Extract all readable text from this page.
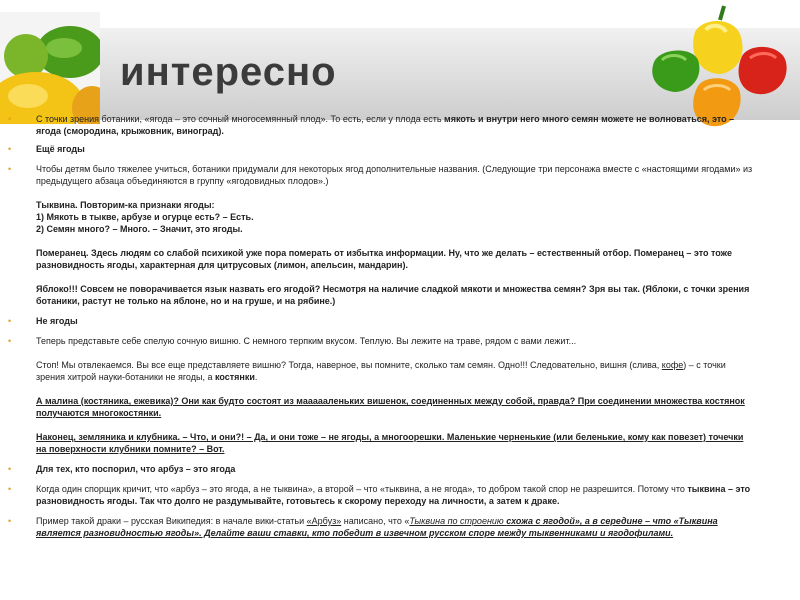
интересно
•	С точки зрения ботаники, «ягода – это сочный многосемянный плод». То есть, если у плода есть мякоть и внутри него много семян можете не волноваться, это – ягода (смородина, крыжовник, виноград).

•	Ещё ягоды

•	Чтобы детям было тяжелее учиться, ботаники придумали для некоторых ягод дополнительные названия. (Следующие три персонажа вместе с «настоящими ягодами» из предыдущего абзаца объединяются в группу «ягодовидных плодов».)

Тыквина. Повторим-ка признаки ягоды:

1) Мякоть в тыкве, арбузе и огурце есть? – Есть.

2) Семян много? – Много. – Значит, это ягоды.

Померанец. Здесь людям со слабой психикой уже пора померать от избытка информации. Ну, что же делать – естественный отбор. Померанец – это тоже разновидность ягоды, характерная для цитрусовых (лимон, апельсин, мандарин).

Яблоко!!! Совсем не поворачивается язык назвать его ягодой? Несмотря на наличие сладкой мякоти и множества семян? Зря вы так. (Яблоки, с точки зрения ботаники, растут не только на яблоне, но и на груше, и на рябине.)

•	Не ягоды

•	Теперь представьте себе спелую сочную вишню. С немного терпким вкусом. Теплую. Вы лежите на траве, рядом с вами лежит...

Стоп! Мы отвлекаемся. Вы все еще представляете вишню? Тогда, наверное, вы помните, сколько там семян. Одно!!! Следовательно, вишня (слива, кофе) – с точки зрения хитрой науки-ботаники не ягоды, а костянки.

А малина (костяника, ежевика)? Они как будто состоят из маааааленьких вишенок, соединенных между собой, правда? При соединении множества костянок получаются многокостянки.

Наконец, земляника и клубника. – Что, и они?! – Да, и они тоже – не ягоды, а многоорешки. Маленькие черненькие (или беленькие, кому как повезет) точечки на поверхности клубники помните? – Вот.

•	Для тех, кто поспорил, что арбуз – это ягода

•	Когда один спорщик кричит, что «арбуз – это ягода, а не тыквина», а второй – что «тыквина, а не ягода», то добром такой спор не разрешится. Потому что тыквина – это разновидность ягоды. Так что долго не раздумывайте, готовьтесь к скорому переходу на личности, а затем к драке.

•	Пример такой драки – русская Википедия: в начале вики-статьи «Арбуз» написано, что «Тыквина по строению схожа с ягодой», а в середине – что «Тыквина является разновидностью ягоды». Делайте ваши ставки, кто победит в извечном русском споре между тыквенниками и ягодофилами.
